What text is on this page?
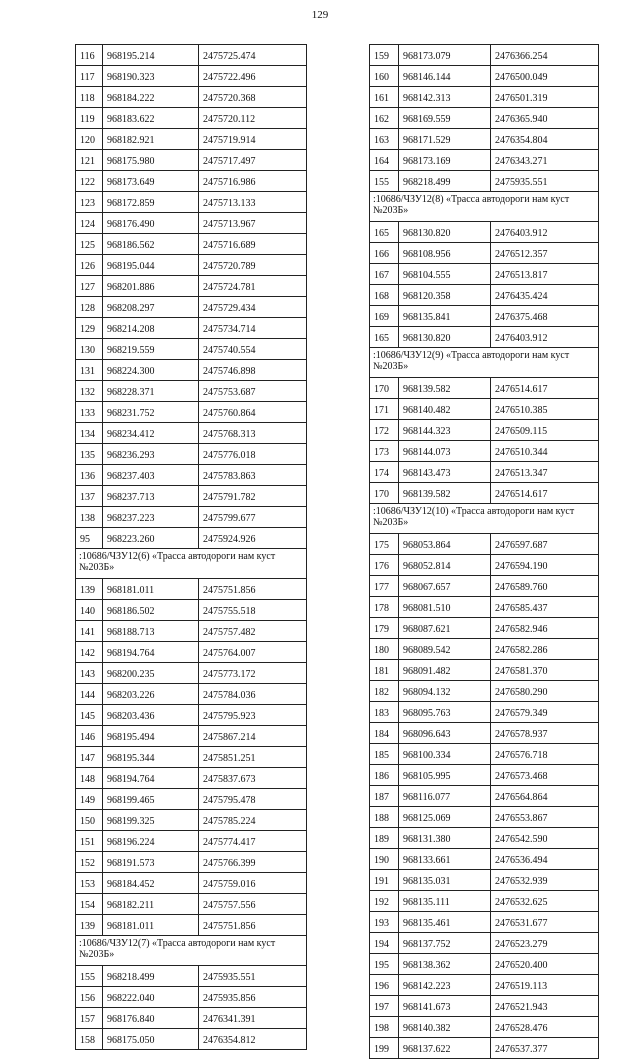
129
116	968195.214	2475725.474
117	968190.323	2475722.496
118	968184.222	2475720.368
119	968183.622	2475720.112
120	968182.921	2475719.914
121	968175.980	2475717.497
122	968173.649	2475716.986
123	968172.859	2475713.133
124	968176.490	2475713.967
125	968186.562	2475716.689
126	968195.044	2475720.789
127	968201.886	2475724.781
128	968208.297	2475729.434
129	968214.208	2475734.714
130	968219.559	2475740.554
131	968224.300	2475746.898
132	968228.371	2475753.687
133	968231.752	2475760.864
134	968234.412	2475768.313
135	968236.293	2475776.018
136	968237.403	2475783.863
137	968237.713	2475791.782
138	968237.223	2475799.677
95	968223.260	2475924.926
:10686/ЧЗУ12(6) «Трасса автодороги нам куст №203Б»
139	968181.011	2475751.856
140	968186.502	2475755.518
141	968188.713	2475757.482
142	968194.764	2475764.007
143	968200.235	2475773.172
144	968203.226	2475784.036
145	968203.436	2475795.923
146	968195.494	2475867.214
147	968195.344	2475851.251
148	968194.764	2475837.673
149	968199.465	2475795.478
150	968199.325	2475785.224
151	968196.224	2475774.417
152	968191.573	2475766.399
153	968184.452	2475759.016
154	968182.211	2475757.556
139	968181.011	2475751.856
:10686/ЧЗУ12(7) «Трасса автодороги нам куст №203Б»
155	968218.499	2475935.551
156	968222.040	2475935.856
157	968176.840	2476341.391
158	968175.050	2476354.812
159	968173.079	2476366.254
160	968146.144	2476500.049
161	968142.313	2476501.319
162	968169.559	2476365.940
163	968171.529	2476354.804
164	968173.169	2476343.271
155	968218.499	2475935.551
:10686/ЧЗУ12(8) «Трасса автодороги нам куст №203Б»
165	968130.820	2476403.912
166	968108.956	2476512.357
167	968104.555	2476513.817
168	968120.358	2476435.424
169	968135.841	2476375.468
165	968130.820	2476403.912
:10686/ЧЗУ12(9) «Трасса автодороги нам куст №203Б»
170	968139.582	2476514.617
171	968140.482	2476510.385
172	968144.323	2476509.115
173	968144.073	2476510.344
174	968143.473	2476513.347
170	968139.582	2476514.617
:10686/ЧЗУ12(10) «Трасса автодороги нам куст №203Б»
175	968053.864	2476597.687
176	968052.814	2476594.190
177	968067.657	2476589.760
178	968081.510	2476585.437
179	968087.621	2476582.946
180	968089.542	2476582.286
181	968091.482	2476581.370
182	968094.132	2476580.290
183	968095.763	2476579.349
184	968096.643	2476578.937
185	968100.334	2476576.718
186	968105.995	2476573.468
187	968116.077	2476564.864
188	968125.069	2476553.867
189	968131.380	2476542.590
190	968133.661	2476536.494
191	968135.031	2476532.939
192	968135.111	2476532.625
193	968135.461	2476531.677
194	968137.752	2476523.279
195	968138.362	2476520.400
196	968142.223	2476519.113
197	968141.673	2476521.943
198	968140.382	2476528.476
199	968137.622	2476537.377
